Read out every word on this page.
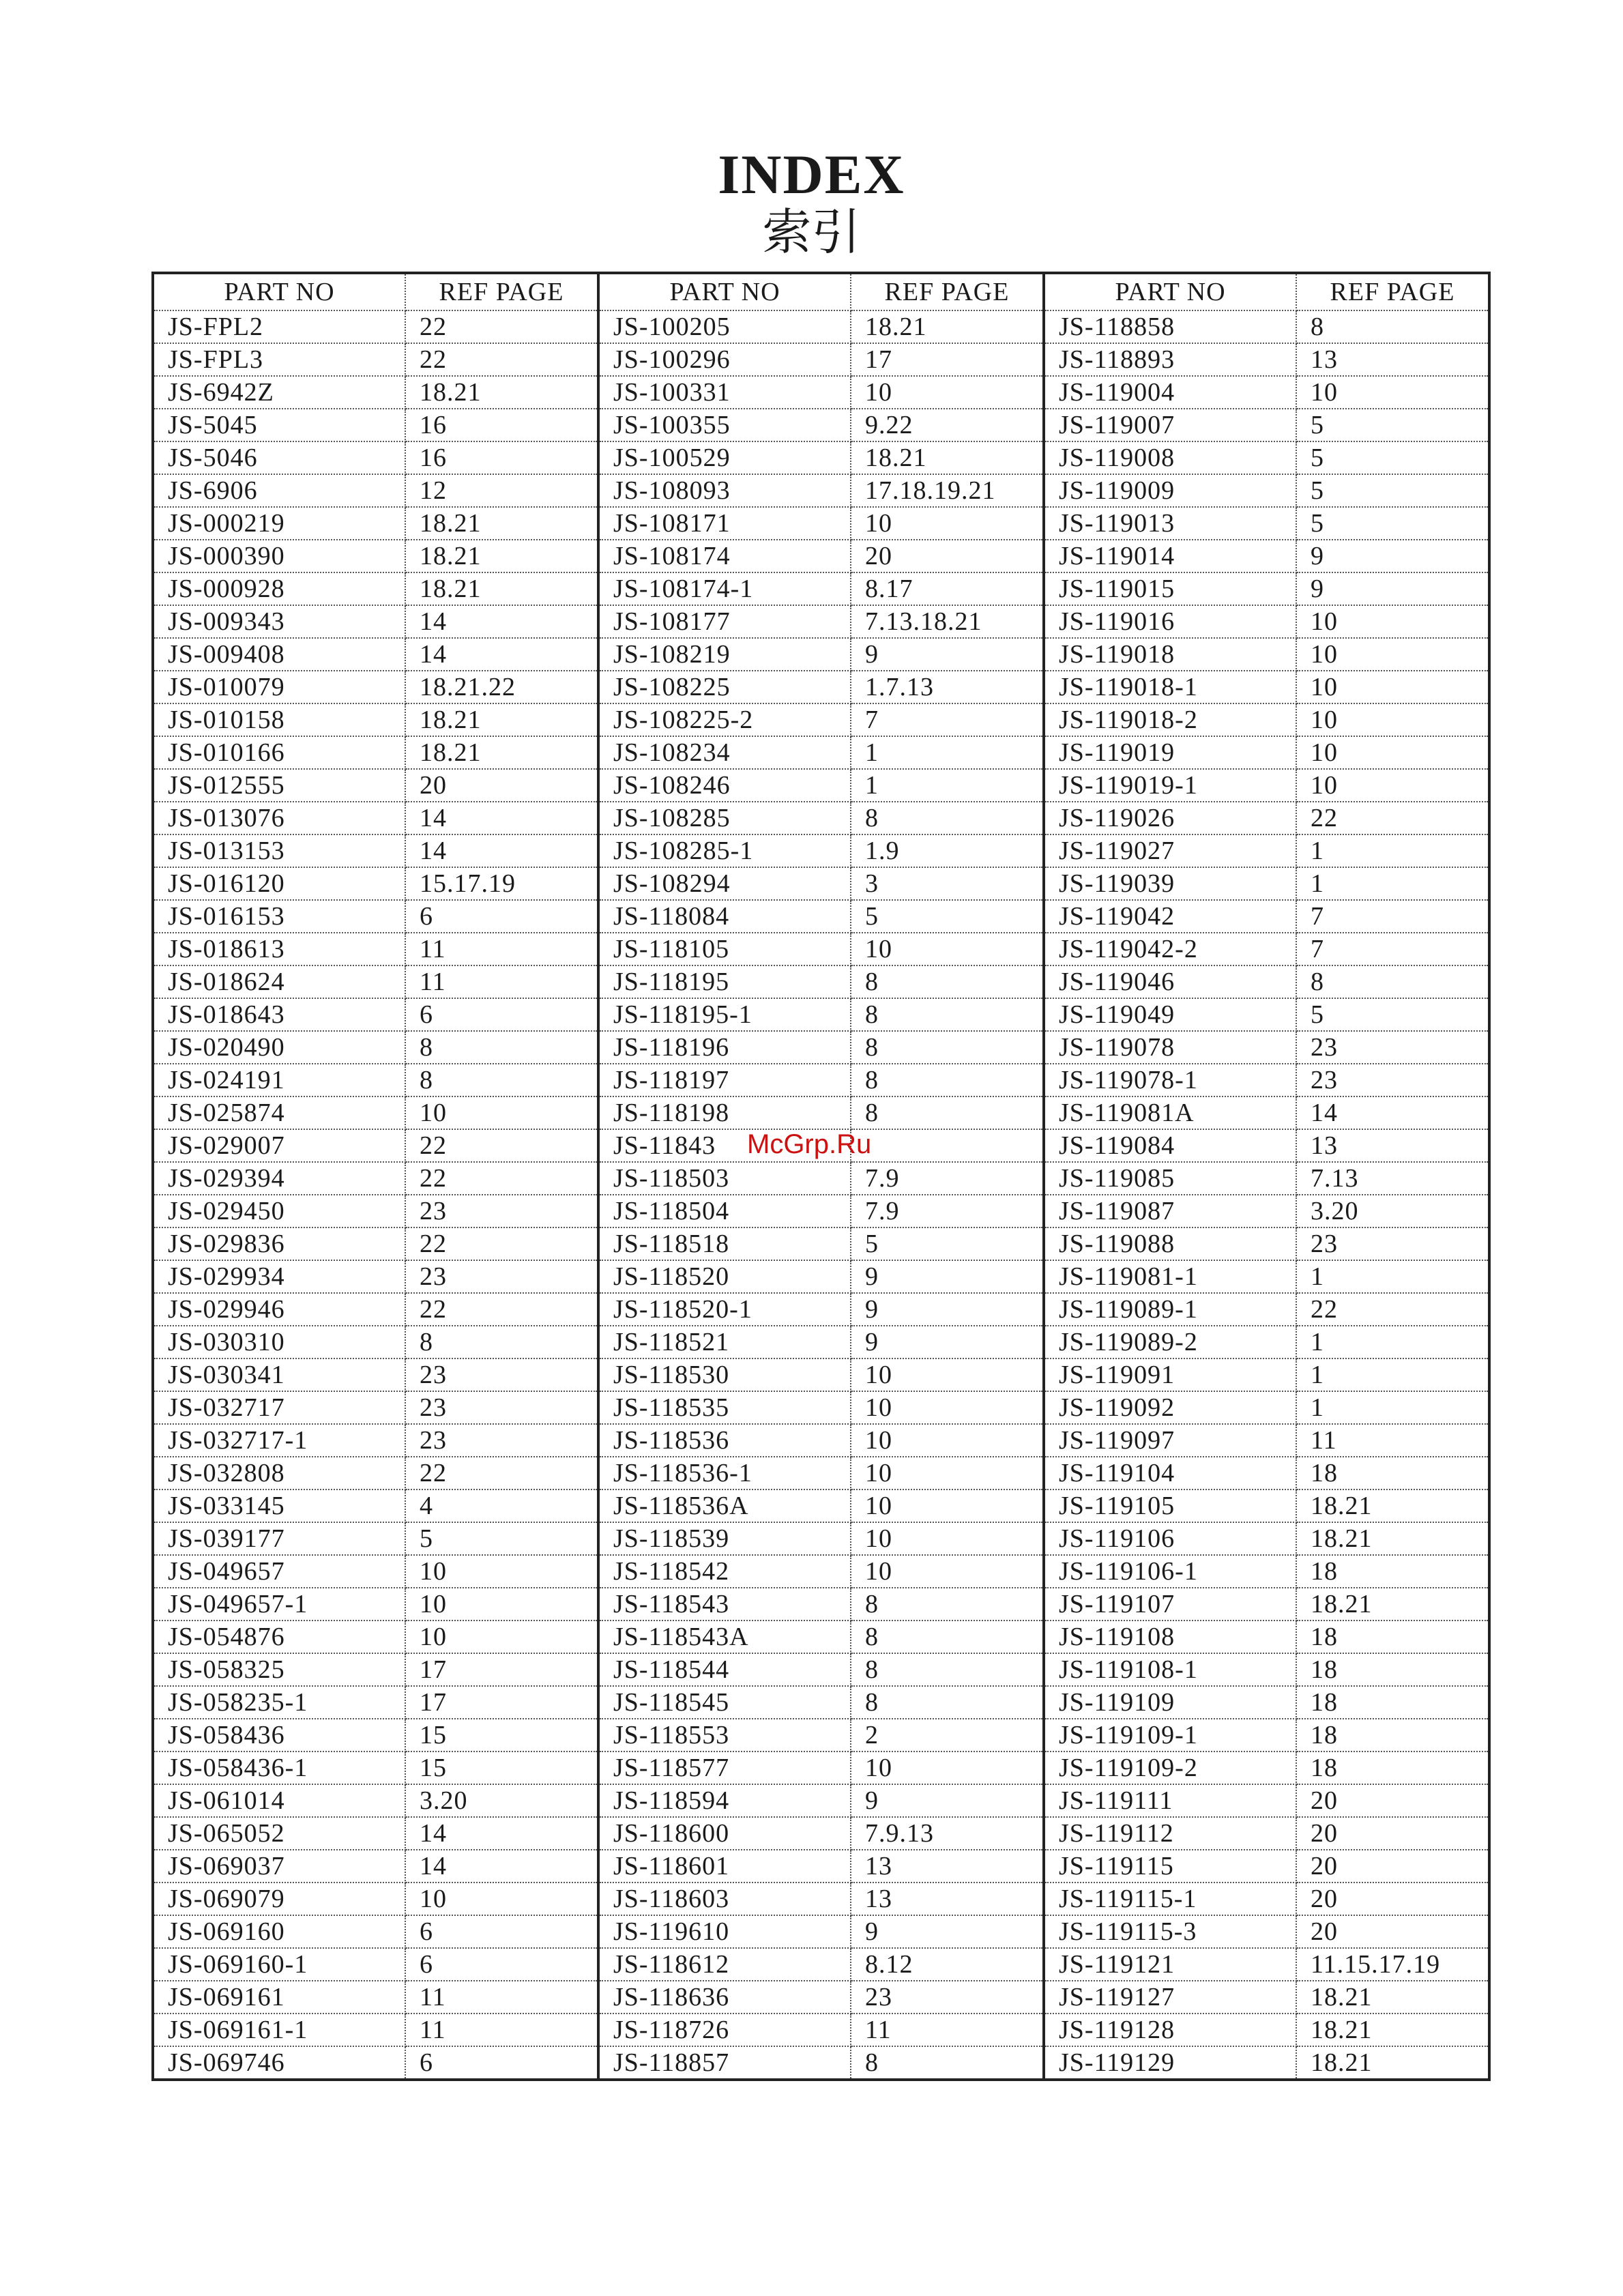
INDEX
索引
PART NO	REF PAGE	PART NO	REF PAGE	PART NO	REF PAGE
JS-FPL2	22	JS-100205	18.21	JS-118858	8
JS-FPL3	22	JS-100296	17	JS-118893	13
JS-6942Z	18.21	JS-100331	10	JS-119004	10
JS-5045	16	JS-100355	9.22	JS-119007	5
JS-5046	16	JS-100529	18.21	JS-119008	5
JS-6906	12	JS-108093	17.18.19.21	JS-119009	5
JS-000219	18.21	JS-108171	10	JS-119013	5
JS-000390	18.21	JS-108174	20	JS-119014	9
JS-000928	18.21	JS-108174-1	8.17	JS-119015	9
JS-009343	14	JS-108177	7.13.18.21	JS-119016	10
JS-009408	14	JS-108219	9	JS-119018	10
JS-010079	18.21.22	JS-108225	1.7.13	JS-119018-1	10
JS-010158	18.21	JS-108225-2	7	JS-119018-2	10
JS-010166	18.21	JS-108234	1	JS-119019	10
JS-012555	20	JS-108246	1	JS-119019-1	10
JS-013076	14	JS-108285	8	JS-119026	22
JS-013153	14	JS-108285-1	1.9	JS-119027	1
JS-016120	15.17.19	JS-108294	3	JS-119039	1
JS-016153	6	JS-118084	5	JS-119042	7
JS-018613	11	JS-118105	10	JS-119042-2	7
JS-018624	11	JS-118195	8	JS-119046	8
JS-018643	6	JS-118195-1	8	JS-119049	5
JS-020490	8	JS-118196	8	JS-119078	23
JS-024191	8	JS-118197	8	JS-119078-1	23
JS-025874	10	JS-118198	8	JS-119081A	14
JS-029007	22	JS-11843		JS-119084	13
JS-029394	22	JS-118503	7.9	JS-119085	7.13
JS-029450	23	JS-118504	7.9	JS-119087	3.20
JS-029836	22	JS-118518	5	JS-119088	23
JS-029934	23	JS-118520	9	JS-119081-1	1
JS-029946	22	JS-118520-1	9	JS-119089-1	22
JS-030310	8	JS-118521	9	JS-119089-2	1
JS-030341	23	JS-118530	10	JS-119091	1
JS-032717	23	JS-118535	10	JS-119092	1
JS-032717-1	23	JS-118536	10	JS-119097	11
JS-032808	22	JS-118536-1	10	JS-119104	18
JS-033145	4	JS-118536A	10	JS-119105	18.21
JS-039177	5	JS-118539	10	JS-119106	18.21
JS-049657	10	JS-118542	10	JS-119106-1	18
JS-049657-1	10	JS-118543	8	JS-119107	18.21
JS-054876	10	JS-118543A	8	JS-119108	18
JS-058325	17	JS-118544	8	JS-119108-1	18
JS-058235-1	17	JS-118545	8	JS-119109	18
JS-058436	15	JS-118553	2	JS-119109-1	18
JS-058436-1	15	JS-118577	10	JS-119109-2	18
JS-061014	3.20	JS-118594	9	JS-119111	20
JS-065052	14	JS-118600	7.9.13	JS-119112	20
JS-069037	14	JS-118601	13	JS-119115	20
JS-069079	10	JS-118603	13	JS-119115-1	20
JS-069160	6	JS-119610	9	JS-119115-3	20
JS-069160-1	6	JS-118612	8.12	JS-119121	11.15.17.19
JS-069161	11	JS-118636	23	JS-119127	18.21
JS-069161-1	11	JS-118726	11	JS-119128	18.21
JS-069746	6	JS-118857	8	JS-119129	18.21
McGrp.Ru
